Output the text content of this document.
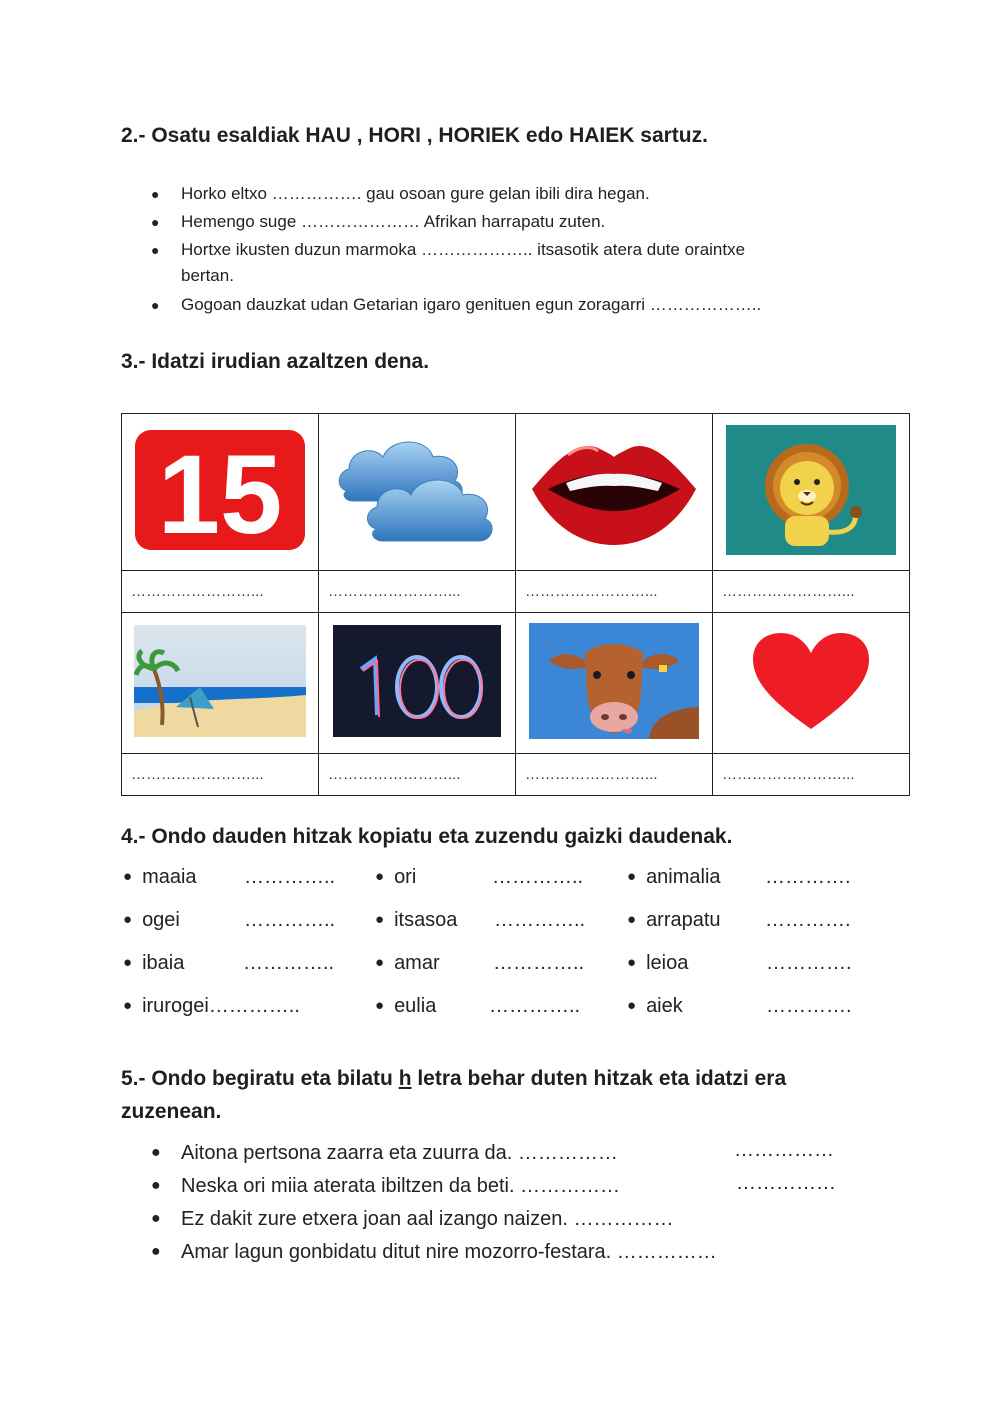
2.- Osatu esaldiak HAU , HORI , HORIEK edo HAIEK sartuz.
● Horko eltxo ……………. gau osoan gure gelan ibili dira hegan.
● Hemengo suge ………………… Afrikan harrapatu zuten.
● Hortxe ikusten duzun marmoka ……………….. itsasotik atera dute oraintxe
bertan.
● Gogoan dauzkat udan Getarian igaro genituen egun zoragarri ………………..
3.- Idatzi irudian azaltzen dena.
15

……………………...	……………………...	……………………...	……………………...

……………………...	……………………...	……………………...	……………………...
4.- Ondo dauden hitzak kopiatu eta zuzendu gaizki daudenak.
● maaia …………..	● ori	…………..	● animalia ………….
● ogei	…………..	● itsasoa …………..	● arrapatu ………….
● ibaia	…………..	● amar	…………..	● leioa	………….
● irurogei…………..	● eulia	…………..	● aiek	………….
5.- Ondo begiratu eta bilatu h letra behar duten hitzak eta idatzi era
zuzenean.
● Aitona pertsona zaarra eta zuurra da. ……………	……………
● Neska ori miia aterata ibiltzen da beti. ……………	……………
● Ez dakit zure etxera joan aal izango naizen. ……………
● Amar lagun gonbidatu ditut nire mozorro-festara. ……………
